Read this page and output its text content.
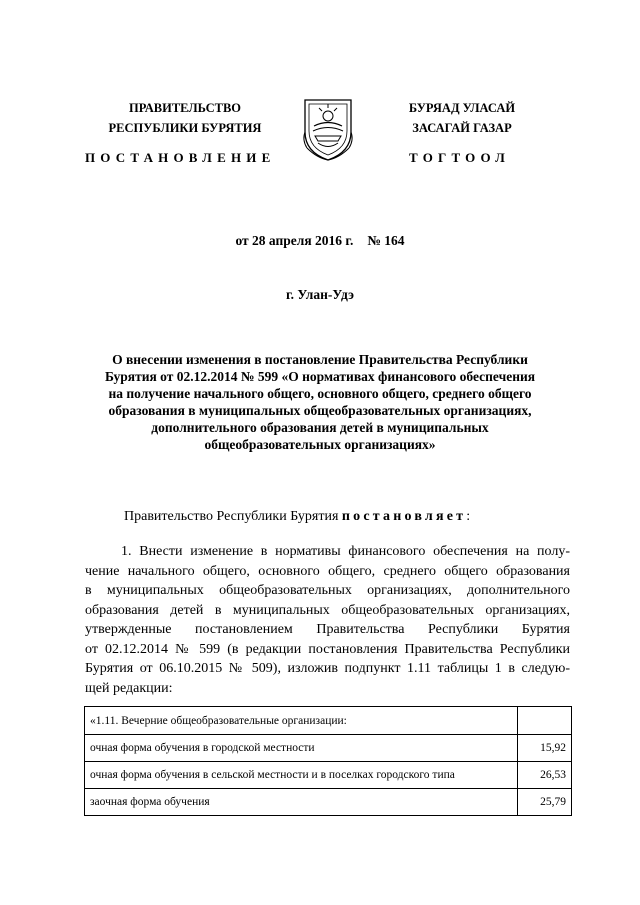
ПРАВИТЕЛЬСТВО
РЕСПУБЛИКИ БУРЯТИЯ
БУРЯАД УЛАСАЙ
ЗАСАГАЙ ГАЗАР
ПОСТАНОВЛЕНИЕ	ТОГТООЛ
от 28 апреля 2016 г. № 164
г. Улан-Удэ
О внесении изменения в постановление Правительства Республики
Бурятия от 02.12.2014 № 599 «О нормативах финансового обеспечения
на получение начального общего, основного общего, среднего общего
образования в муниципальных общеобразовательных организациях,
дополнительного образования детей в муниципальных
общеобразовательных организациях»
Правительство Республики Бурятия постановляет:
1. Внести изменение в нормативы финансового обеспечения на полу-
чение начального общего, основного общего, среднего общего образования
в муниципальных общеобразовательных организациях, дополнительного
образования детей в муниципальных общеобразовательных организациях,
утвержденные постановлением Правительства Республики Бурятия
от 02.12.2014 № 599 (в редакции постановления Правительства Республики
Бурятия от 06.10.2015 № 509), изложив подпункт 1.11 таблицы 1 в следую-
щей редакции:
«1.11. Вечерние общеобразовательные организации:	
очная форма обучения в городской местности	15,92
очная форма обучения в сельской местности и в поселках городского типа	26,53
заочная форма обучения	25,79
